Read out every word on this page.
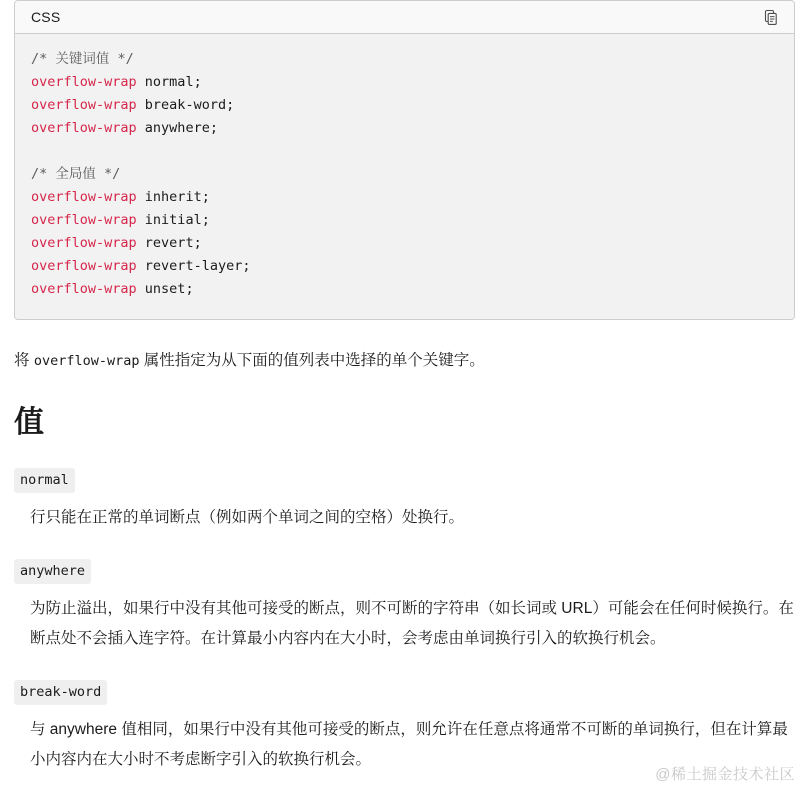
CSS
/* 关键词值 */
overflow-wrap normal;
overflow-wrap break-word;
overflow-wrap anywhere;

/* 全局值 */
overflow-wrap inherit;
overflow-wrap initial;
overflow-wrap revert;
overflow-wrap revert-layer;
overflow-wrap unset;

将 overflow-wrap 属性指定为从下面的值列表中选择的单个关键字。

值
normal
行只能在正常的单词断点（例如两个单词之间的空格）处换行。
anywhere
为防止溢出，如果行中没有其他可接受的断点，则不可断的字符串（如长词或 URL）可能会在任何时候换行。在断点处不会插入连字符。在计算最小内容内在大小时，会考虑由单词换行引入的软换行机会。
break-word
与 anywhere 值相同，如果行中没有其他可接受的断点，则允许在任意点将通常不可断的单词换行，但在计算最小内容内在大小时不考虑断字引入的软换行机会。
@稀土掘金技术社区
